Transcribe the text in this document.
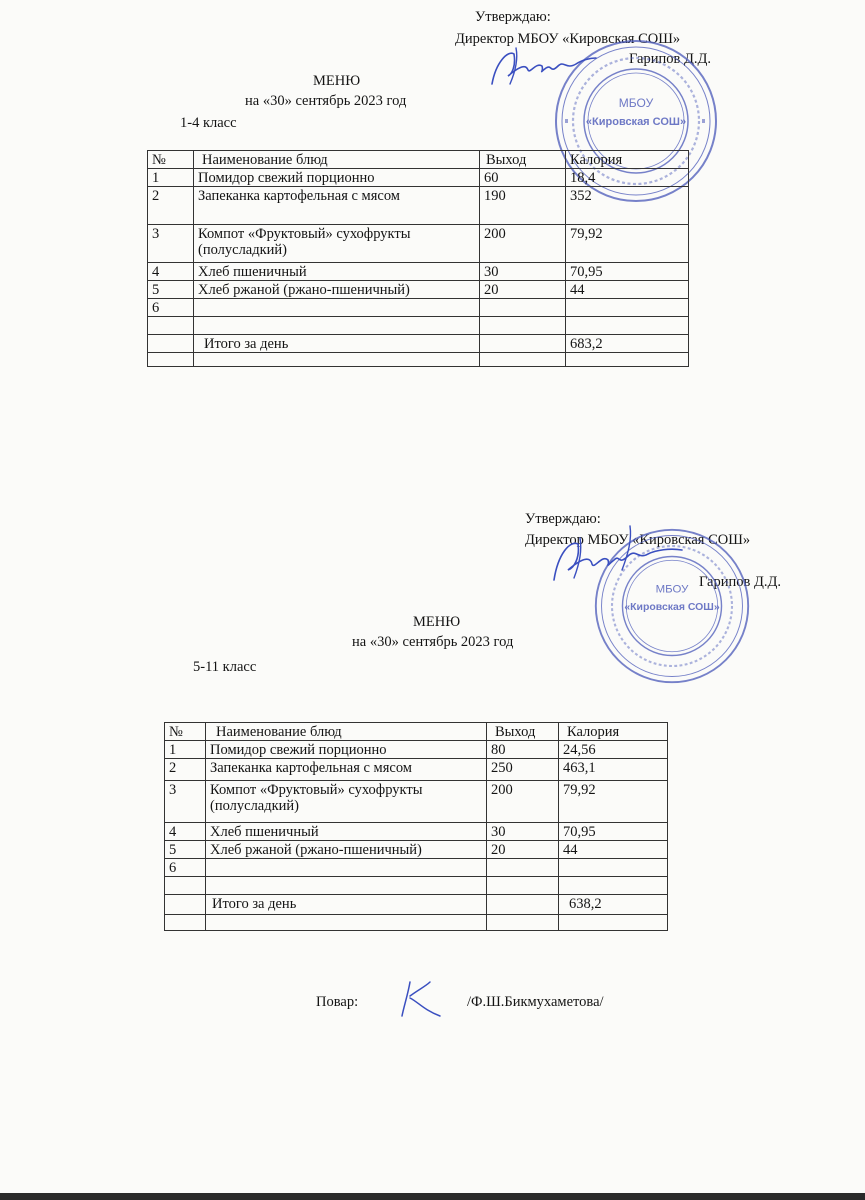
Утверждаю:
Директор МБОУ «Кировская СОШ»
Гарипов Д.Д.
МБОУ
«Кировская СОШ»
МЕНЮ
на «30» сентябрь 2023 год
1-4 класс
№	Наименование блюд	Выход	Калория
1	Помидор свежий порционно	60	18,4
2	Запеканка картофельная с мясом	190	352
3	Компот «Фруктовый» сухофрукты (полусладкий)	200	79,92
4	Хлеб пшеничный	30	70,95
5	Хлеб ржаной (ржано-пшеничный)	20	44
6			

	Итого за день		683,2

Утверждаю:
Директор МБОУ «Кировская СОШ»
Гарипов Д.Д.
МБОУ
«Кировская СОШ»
МЕНЮ
на «30» сентябрь 2023 год
5-11 класс
№	Наименование блюд	Выход	Калория
1	Помидор свежий порционно	80	24,56
2	Запеканка картофельная с мясом	250	463,1
3	Компот «Фруктовый» сухофрукты (полусладкий)	200	79,92
4	Хлеб пшеничный	30	70,95
5	Хлеб ржаной (ржано-пшеничный)	20	44
6			

	Итого за день		638,2

Повар:	/Ф.Ш.Бикмухаметова/
